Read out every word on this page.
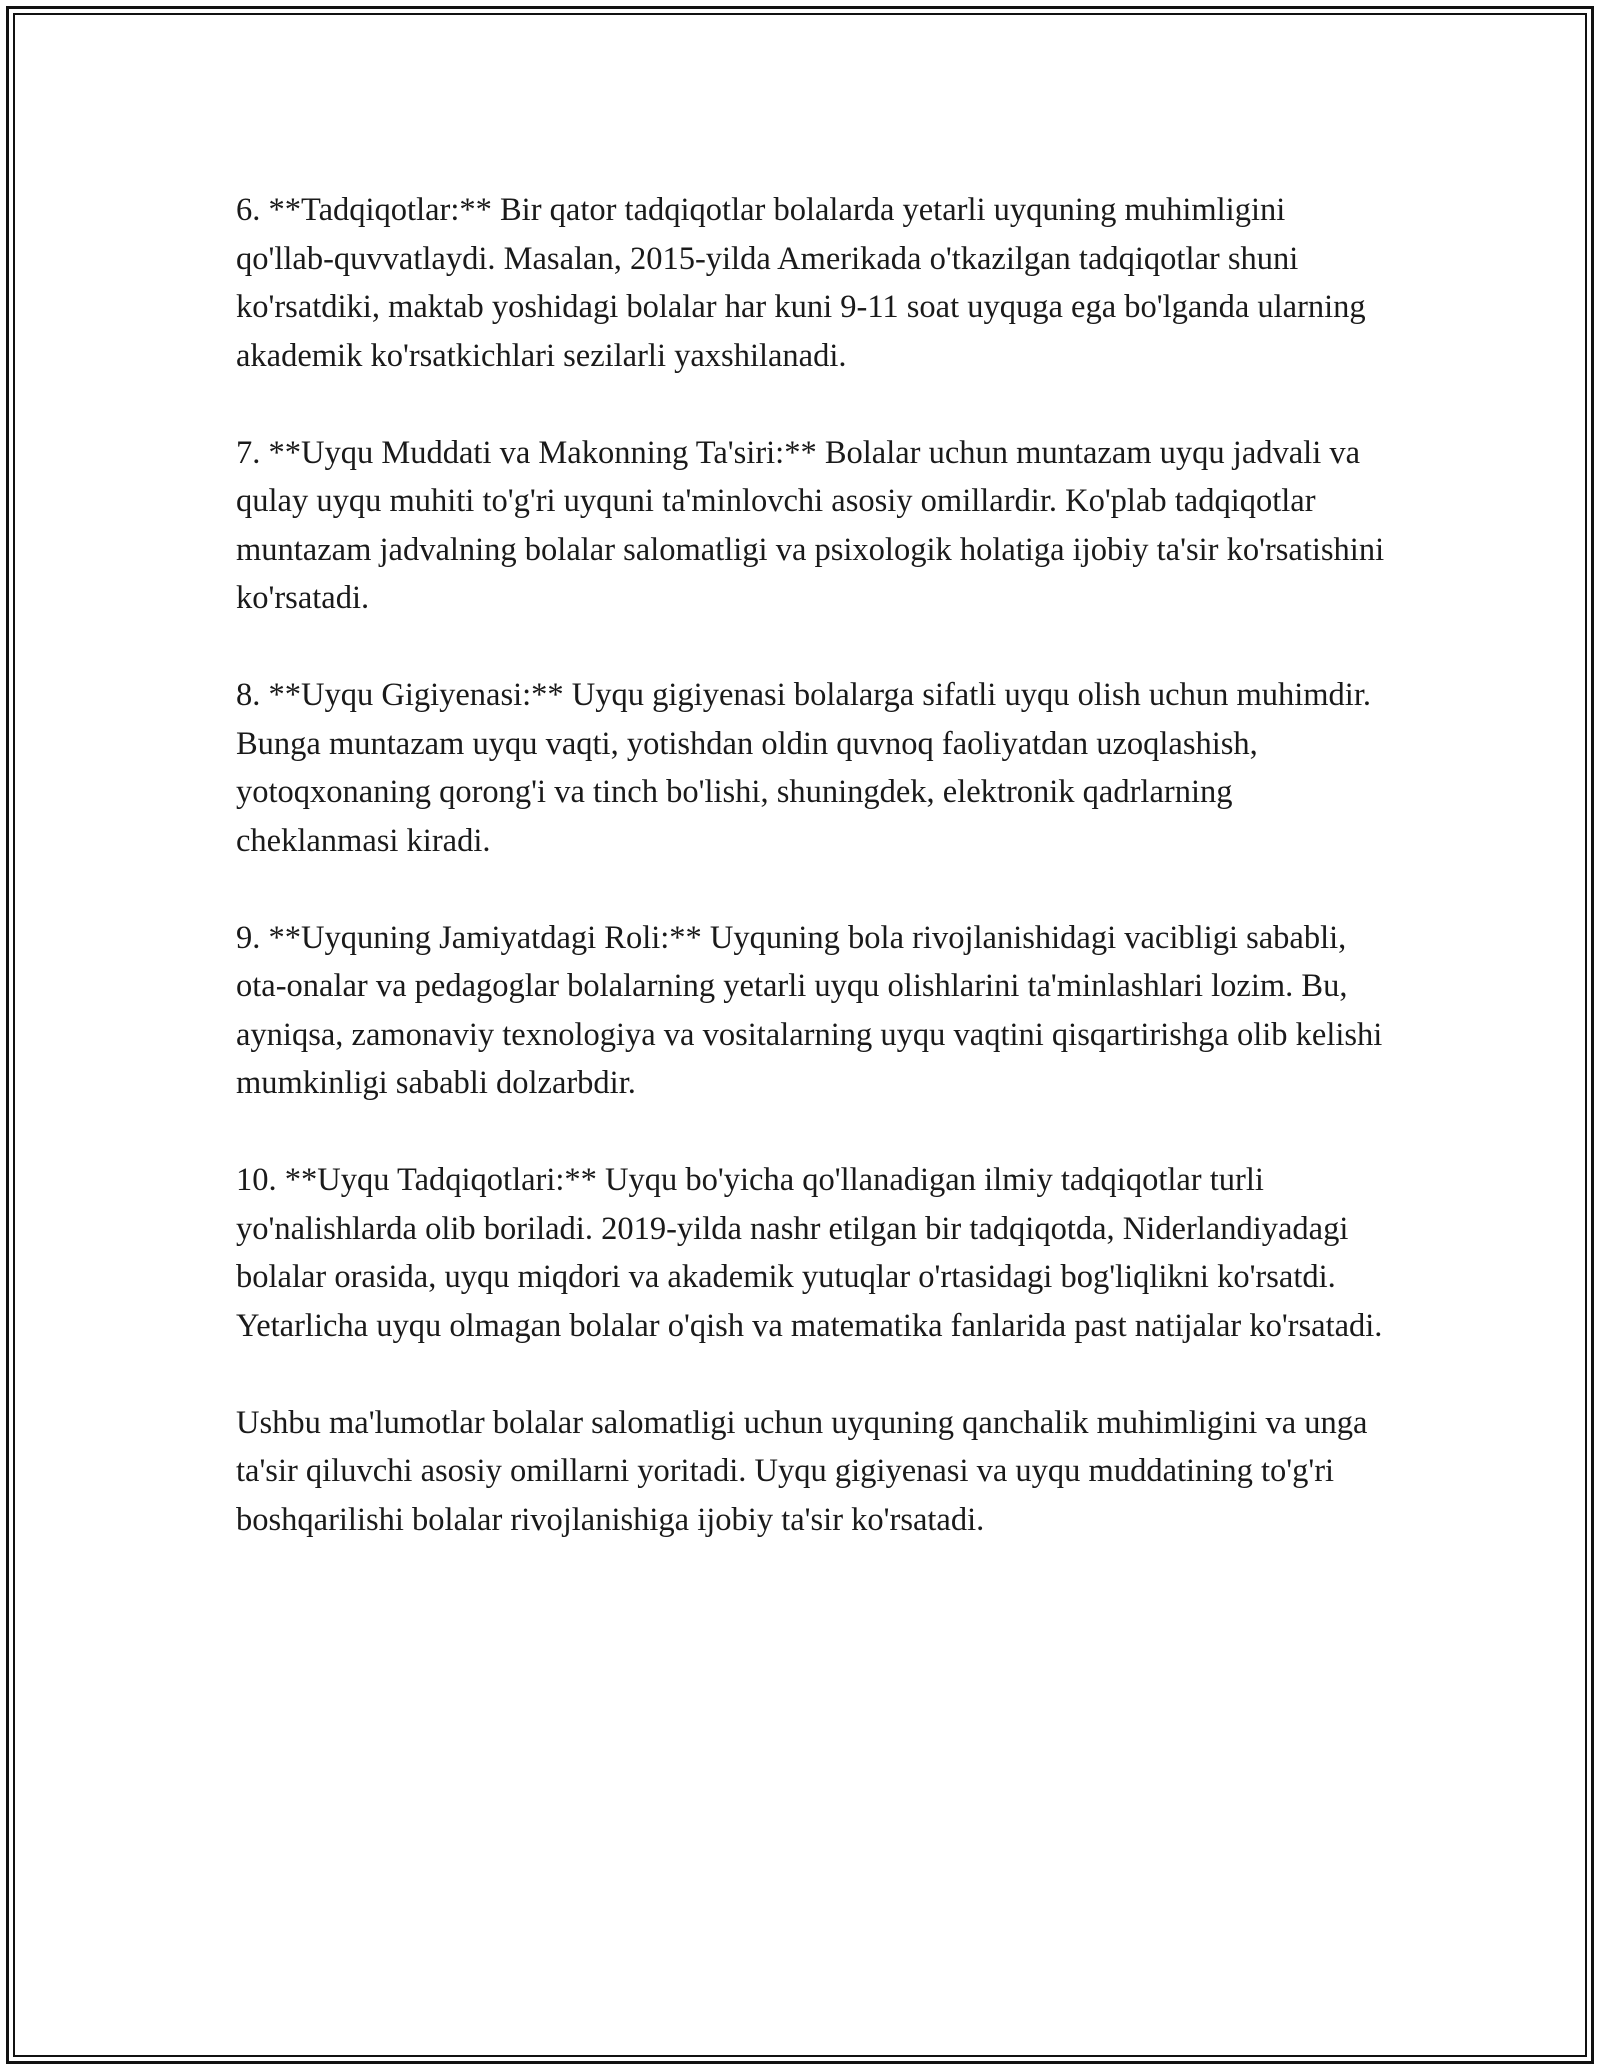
6. **Tadqiqotlar:** Bir qator tadqiqotlar bolalarda yetarli uyquning muhimligini qo'llab-quvvatlaydi. Masalan, 2015-yilda Amerikada o'tkazilgan tadqiqotlar shuni ko'rsatdiki, maktab yoshidagi bolalar har kuni 9-11 soat uyquga ega bo'lganda ularning akademik ko'rsatkichlari sezilarli yaxshilanadi.

7. **Uyqu Muddati va Makonning Ta'siri:** Bolalar uchun muntazam uyqu jadvali va qulay uyqu muhiti to'g'ri uyquni ta'minlovchi asosiy omillardir. Ko'plab tadqiqotlar muntazam jadvalning bolalar salomatligi va psixologik holatiga ijobiy ta'sir ko'rsatishini ko'rsatadi.

8. **Uyqu Gigiyenasi:** Uyqu gigiyenasi bolalarga sifatli uyqu olish uchun muhimdir. Bunga muntazam uyqu vaqti, yotishdan oldin quvnoq faoliyatdan uzoqlashish, yotoqxonaning qorong'i va tinch bo'lishi, shuningdek, elektronik qadrlarning cheklanmasi kiradi.

9. **Uyquning Jamiyatdagi Roli:** Uyquning bola rivojlanishidagi vacibligi sababli, ota-onalar va pedagoglar bolalarning yetarli uyqu olishlarini ta'minlashlari lozim. Bu, ayniqsa, zamonaviy texnologiya va vositalarning uyqu vaqtini qisqartirishga olib kelishi mumkinligi sababli dolzarbdir.

10. **Uyqu Tadqiqotlari:** Uyqu bo'yicha qo'llanadigan ilmiy tadqiqotlar turli yo'nalishlarda olib boriladi. 2019-yilda nashr etilgan bir tadqiqotda, Niderlandiyadagi bolalar orasida, uyqu miqdori va akademik yutuqlar o'rtasidagi bog'liqlikni ko'rsatdi. Yetarlicha uyqu olmagan bolalar o'qish va matematika fanlarida past natijalar ko'rsatadi.

Ushbu ma'lumotlar bolalar salomatligi uchun uyquning qanchalik muhimligini va unga ta'sir qiluvchi asosiy omillarni yoritadi. Uyqu gigiyenasi va uyqu muddatining to'g'ri boshqarilishi bolalar rivojlanishiga ijobiy ta'sir ko'rsatadi.
